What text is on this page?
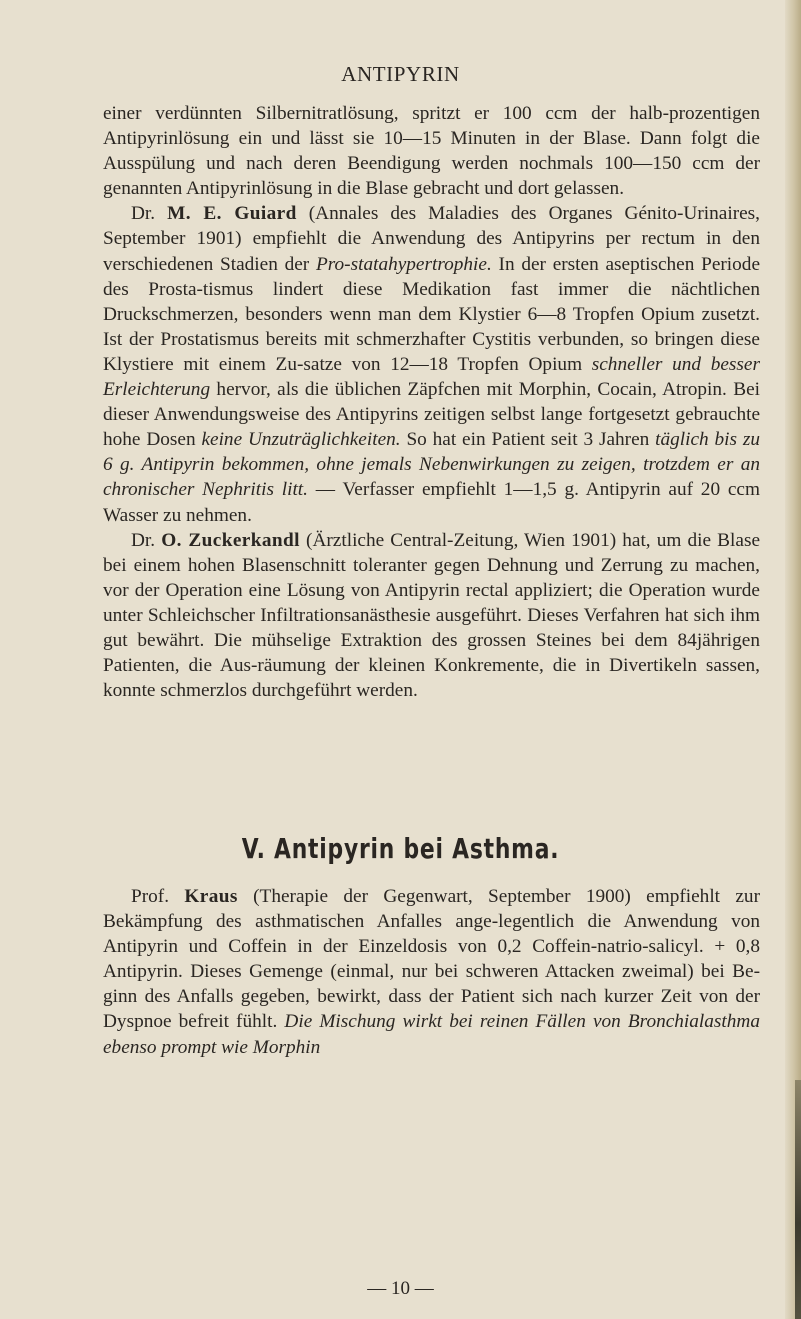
ANTIPYRIN

einer verdünnten Silbernitratlösung, spritzt er 100 ccm der halb-prozentigen Antipyrinlösung ein und lässt sie 10—15 Minuten in der Blase. Dann folgt die Ausspülung und nach deren Beendigung werden nochmals 100—150 ccm der genannten Antipyrinlösung in die Blase gebracht und dort gelassen.

Dr. M. E. Guiard (Annales des Maladies des Organes Génito-Urinaires, September 1901) empfiehlt die Anwendung des Antipyrins per rectum in den verschiedenen Stadien der Pro-statahypertrophie. In der ersten aseptischen Periode des Prosta-tismus lindert diese Medikation fast immer die nächtlichen Druckschmerzen, besonders wenn man dem Klystier 6—8 Tropfen Opium zusetzt. Ist der Prostatismus bereits mit schmerzhafter Cystitis verbunden, so bringen diese Klystiere mit einem Zu-satze von 12—18 Tropfen Opium schneller und besser Erleichterung hervor, als die üblichen Zäpfchen mit Morphin, Cocain, Atropin. Bei dieser Anwendungsweise des Antipyrins zeitigen selbst lange fortgesetzt gebrauchte hohe Dosen keine Unzuträglichkeiten. So hat ein Patient seit 3 Jahren täglich bis zu 6 g. Antipyrin bekommen, ohne jemals Nebenwirkungen zu zeigen, trotzdem er an chronischer Nephritis litt. — Verfasser empfiehlt 1—1,5 g. Antipyrin auf 20 ccm Wasser zu nehmen.

Dr. O. Zuckerkandl (Ärztliche Central-Zeitung, Wien 1901) hat, um die Blase bei einem hohen Blasenschnitt toleranter gegen Dehnung und Zerrung zu machen, vor der Operation eine Lösung von Antipyrin rectal appliziert; die Operation wurde unter Schleichscher Infiltrationsanästhesie ausgeführt. Dieses Verfahren hat sich ihm gut bewährt. Die mühselige Extraktion des grossen Steines bei dem 84jährigen Patienten, die Aus-räumung der kleinen Konkremente, die in Divertikeln sassen, konnte schmerzlos durchgeführt werden.

V. Antipyrin bei Asthma.

Prof. Kraus (Therapie der Gegenwart, September 1900) empfiehlt zur Bekämpfung des asthmatischen Anfalles ange-legentlich die Anwendung von Antipyrin und Coffein in der Einzeldosis von 0,2 Coffein-natrio-salicyl. + 0,8 Antipyrin. Dieses Gemenge (einmal, nur bei schweren Attacken zweimal) bei Be-ginn des Anfalls gegeben, bewirkt, dass der Patient sich nach kurzer Zeit von der Dyspnoe befreit fühlt. Die Mischung wirkt bei reinen Fällen von Bronchialasthma ebenso prompt wie Morphin

— 10 —
